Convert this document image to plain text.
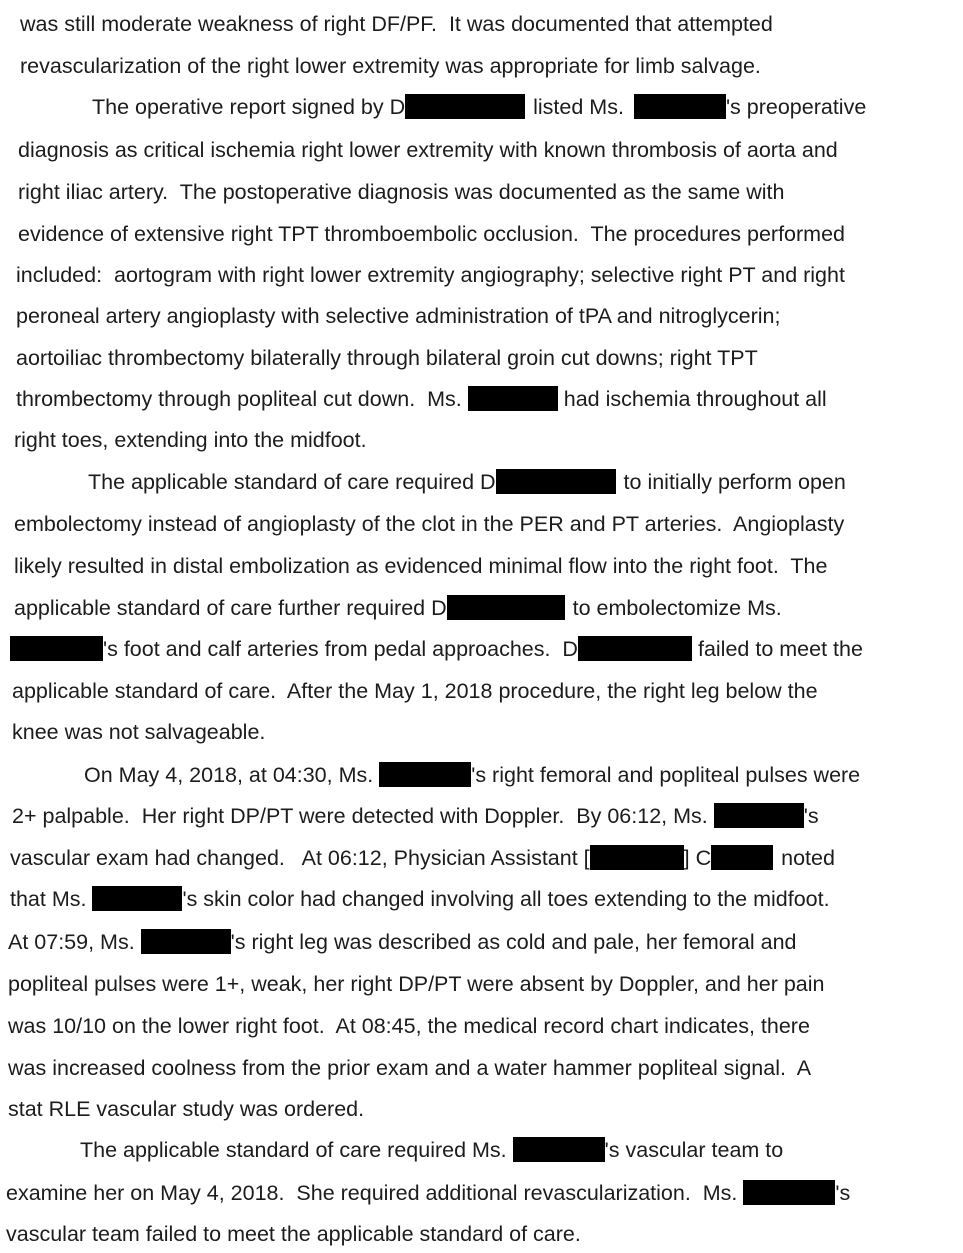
was still moderate weakness of right DF/PF.  It was documented that attempted
revascularization of the right lower extremity was appropriate for limb salvage.
The operative report signed by D	listed Ms.	's preoperative
diagnosis as critical ischemia right lower extremity with known thrombosis of aorta and
right iliac artery.  The postoperative diagnosis was documented as the same with
evidence of extensive right TPT thromboembolic occlusion.  The procedures performed
included:  aortogram with right lower extremity angiography; selective right PT and right
peroneal artery angioplasty with selective administration of tPA and nitroglycerin;
aortoiliac thrombectomy bilaterally through bilateral groin cut downs; right TPT
thrombectomy through popliteal cut down.  Ms.	had ischemia throughout all
right toes, extending into the midfoot.
The applicable standard of care required D	to initially perform open
embolectomy instead of angioplasty of the clot in the PER and PT arteries.  Angioplasty
likely resulted in distal embolization as evidenced minimal flow into the right foot.  The
applicable standard of care further required D	to embolectomize Ms.
's foot and calf arteries from pedal approaches.  D	failed to meet the
applicable standard of care.  After the May 1, 2018 procedure, the right leg below the
knee was not salvageable.
On May 4, 2018, at 04:30, Ms.	's right femoral and popliteal pulses were
2+ palpable.  Her right DP/PT were detected with Doppler.  By 06:12, Ms.	's
vascular exam had changed.   At 06:12, Physician Assistant [	] C	noted
that Ms.	's skin color had changed involving all toes extending to the midfoot.
At 07:59, Ms.	's right leg was described as cold and pale, her femoral and
popliteal pulses were 1+, weak, her right DP/PT were absent by Doppler, and her pain
was 10/10 on the lower right foot.  At 08:45, the medical record chart indicates, there
was increased coolness from the prior exam and a water hammer popliteal signal.  A
stat RLE vascular study was ordered.
The applicable standard of care required Ms.	's vascular team to
examine her on May 4, 2018.  She required additional revascularization.  Ms.	's
vascular team failed to meet the applicable standard of care.
